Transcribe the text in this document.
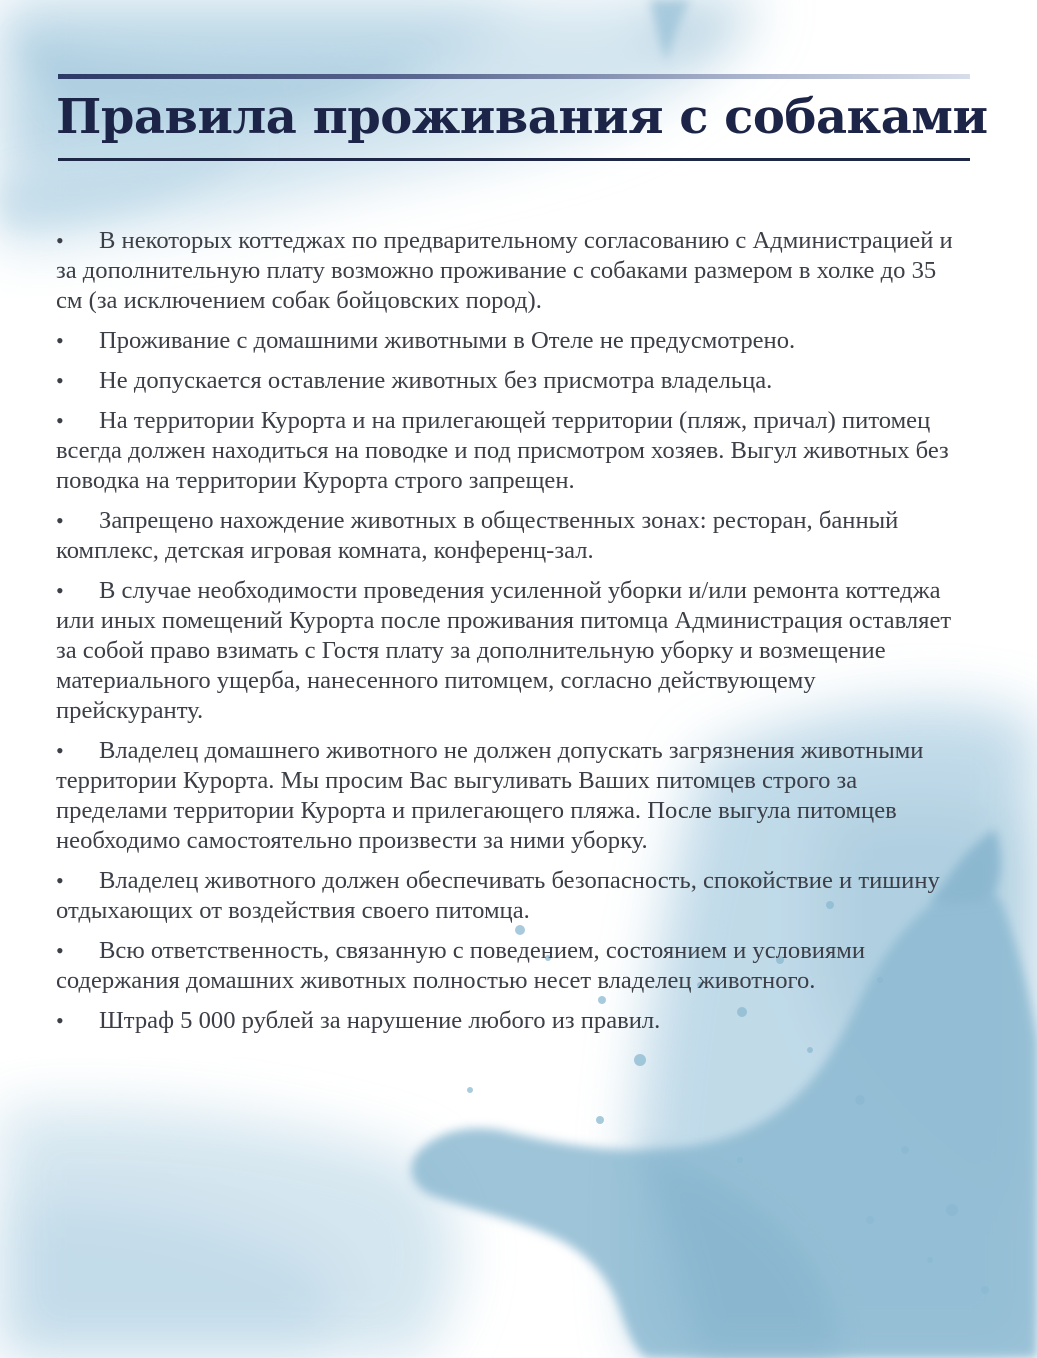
Правила проживания с собаками
• В некоторых коттеджах по предварительному согласованию с Администрацией и за дополнительную плату возможно проживание с собаками размером в холке до 35 см (за исключением собак бойцовских пород).
• Проживание с домашними животными в Отеле не предусмотрено.
• Не допускается оставление животных без присмотра владельца.
• На территории Курорта и на прилегающей территории (пляж, причал) питомец всегда должен находиться на поводке и под присмотром хозяев. Выгул животных без поводка на территории Курорта строго запрещен.
• Запрещено нахождение животных в общественных зонах: ресторан, банный комплекс, детская игровая комната, конференц-зал.
• В случае необходимости проведения усиленной уборки и/или ремонта коттеджа или иных помещений Курорта после проживания питомца Администрация оставляет за собой право взимать с Гостя плату за дополнительную уборку и возмещение материального ущерба, нанесенного питомцем, согласно действующему прейскуранту.
• Владелец домашнего животного не должен допускать загрязнения животными территории Курорта. Мы просим Вас выгуливать Ваших питомцев строго за пределами территории Курорта и прилегающего пляжа. После выгула питомцев необходимо самостоятельно произвести за ними уборку.
• Владелец животного должен обеспечивать безопасность, спокойствие и тишину отдыхающих от воздействия своего питомца.
• Всю ответственность, связанную с поведением, состоянием и условиями содержания домашних животных полностью несет владелец животного.
• Штраф 5 000 рублей за нарушение любого из правил.
